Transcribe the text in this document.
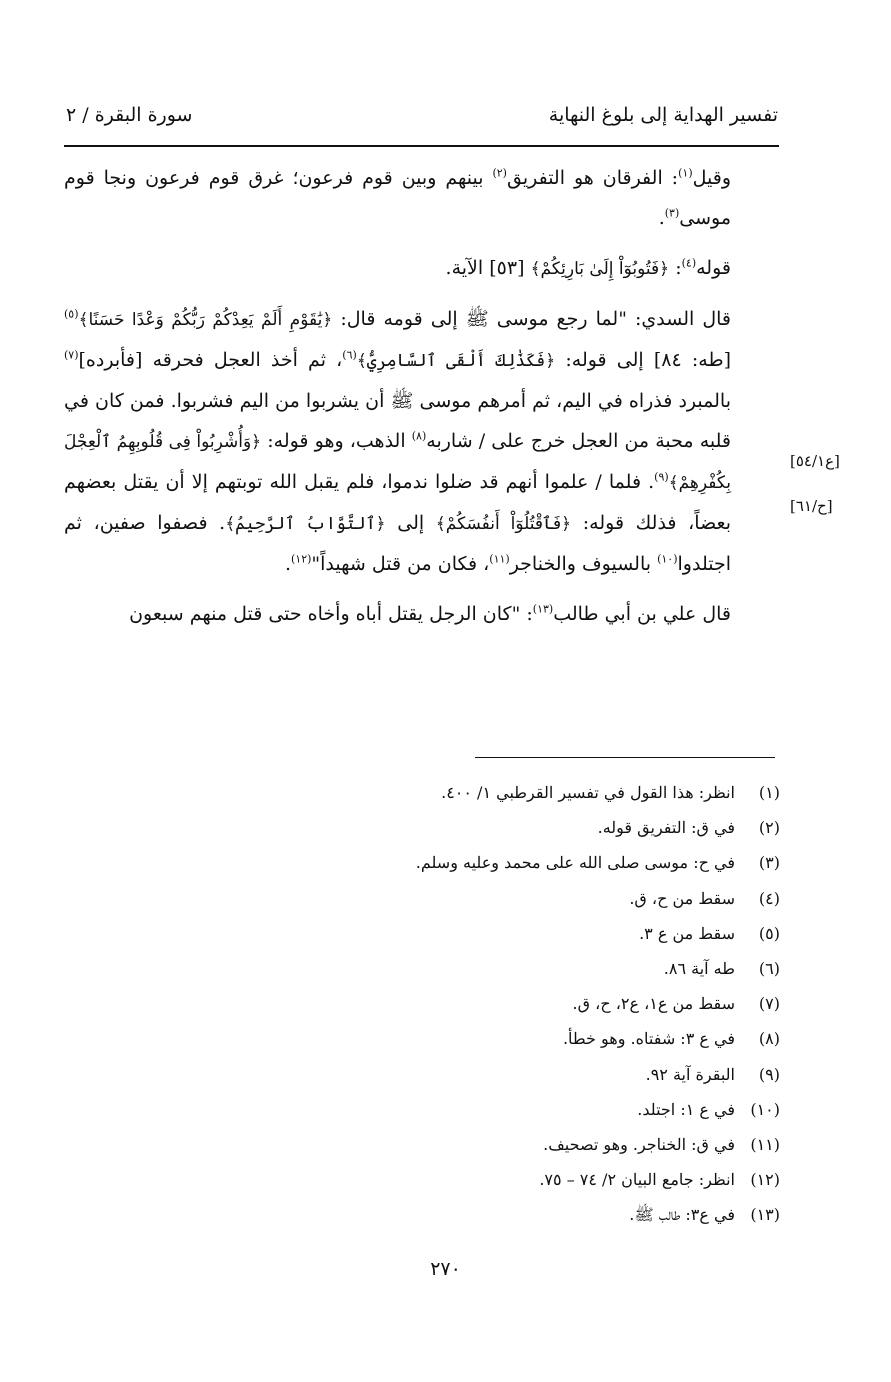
سورة البقرة / ٢	تفسير الهداية إلى بلوغ النهاية

وقيل$^{(١)}$: الفرقان هو التفريق$^{(٢)}$ بينهم وبين قوم فرعون؛ غرق قوم فرعون ونجا قوم موسى$^{(٣)}$.

قوله$^{(٤)}$: ﴿فَتُوبُوٓاْ إِلَىٰ بَارِئِكُمْ﴾ [٥٣] الآية.

قال السدي: "لما رجع موسى ﷺ إلى قومه قال: ﴿يَٰقَوْمِ أَلَمْ يَعِدْكُمْ رَبُّكُمْ وَعْدًا حَسَنًا﴾$^{(٥)}$ [طه: ٨٤] إلى قوله: ﴿فَكَذَٰلِكَ أَلْقَى ٱلسَّامِرِيُّ﴾$^{(٦)}$، ثم أخذ العجل فحرقه [فأبرده]$^{(٧)}$ بالمبرد فذراه في اليم، ثم أمرهم موسى ﷺ أن يشربوا من اليم فشربوا. فمن كان في قلبه محبة من العجل خرج على / شاربه$^{(٨)}$ الذهب، وهو قوله: ﴿وَأُشْرِبُواْ فِى قُلُوبِهِمُ ٱلْعِجْلَ بِكُفْرِهِمْ﴾$^{(٩)}$. فلما / علموا أنهم قد ضلوا ندموا، فلم يقبل الله توبتهم إلا أن يقتل بعضهم بعضاً، فذلك قوله: ﴿فَٱقْتُلُوٓاْ أَنفُسَكُمْ﴾ إلى ﴿ٱلتَّوَّابُ ٱلرَّحِيمُ﴾. فصفوا صفين، ثم اجتلدوا$^{(١٠)}$ بالسيوف والخناجر$^{(١١)}$، فكان من قتل شهيداً"$^{(١٢)}$.

قال علي بن أبي طالب$^{(١٣)}$: "كان الرجل يقتل أباه وأخاه حتى قتل منهم سبعون

[ع٥٤/١]
[ح/٦١]
(١)انظر: هذا القول في تفسير القرطبي ١/ ٤٠٠.
(٢)في ق: التفريق قوله.
(٣)في ح: موسى صلى الله على محمد وعليه وسلم.
(٤)سقط من ح، ق.
(٥)سقط من ع ٣.
(٦)طه آية ٨٦.
(٧)سقط من ع١، ع٢، ح، ق.
(٨)في ع ٣: شفتاه. وهو خطأ.
(٩)البقرة آية ٩٢.
(١٠)في ع ١: اجتلد.
(١١)في ق: الخناجر. وهو تصحيف.
(١٢)انظر: جامع البيان ٢/ ٧٤ – ٧٥.
(١٣)في ع٣: طالب ﷺ.
٢٧٠
